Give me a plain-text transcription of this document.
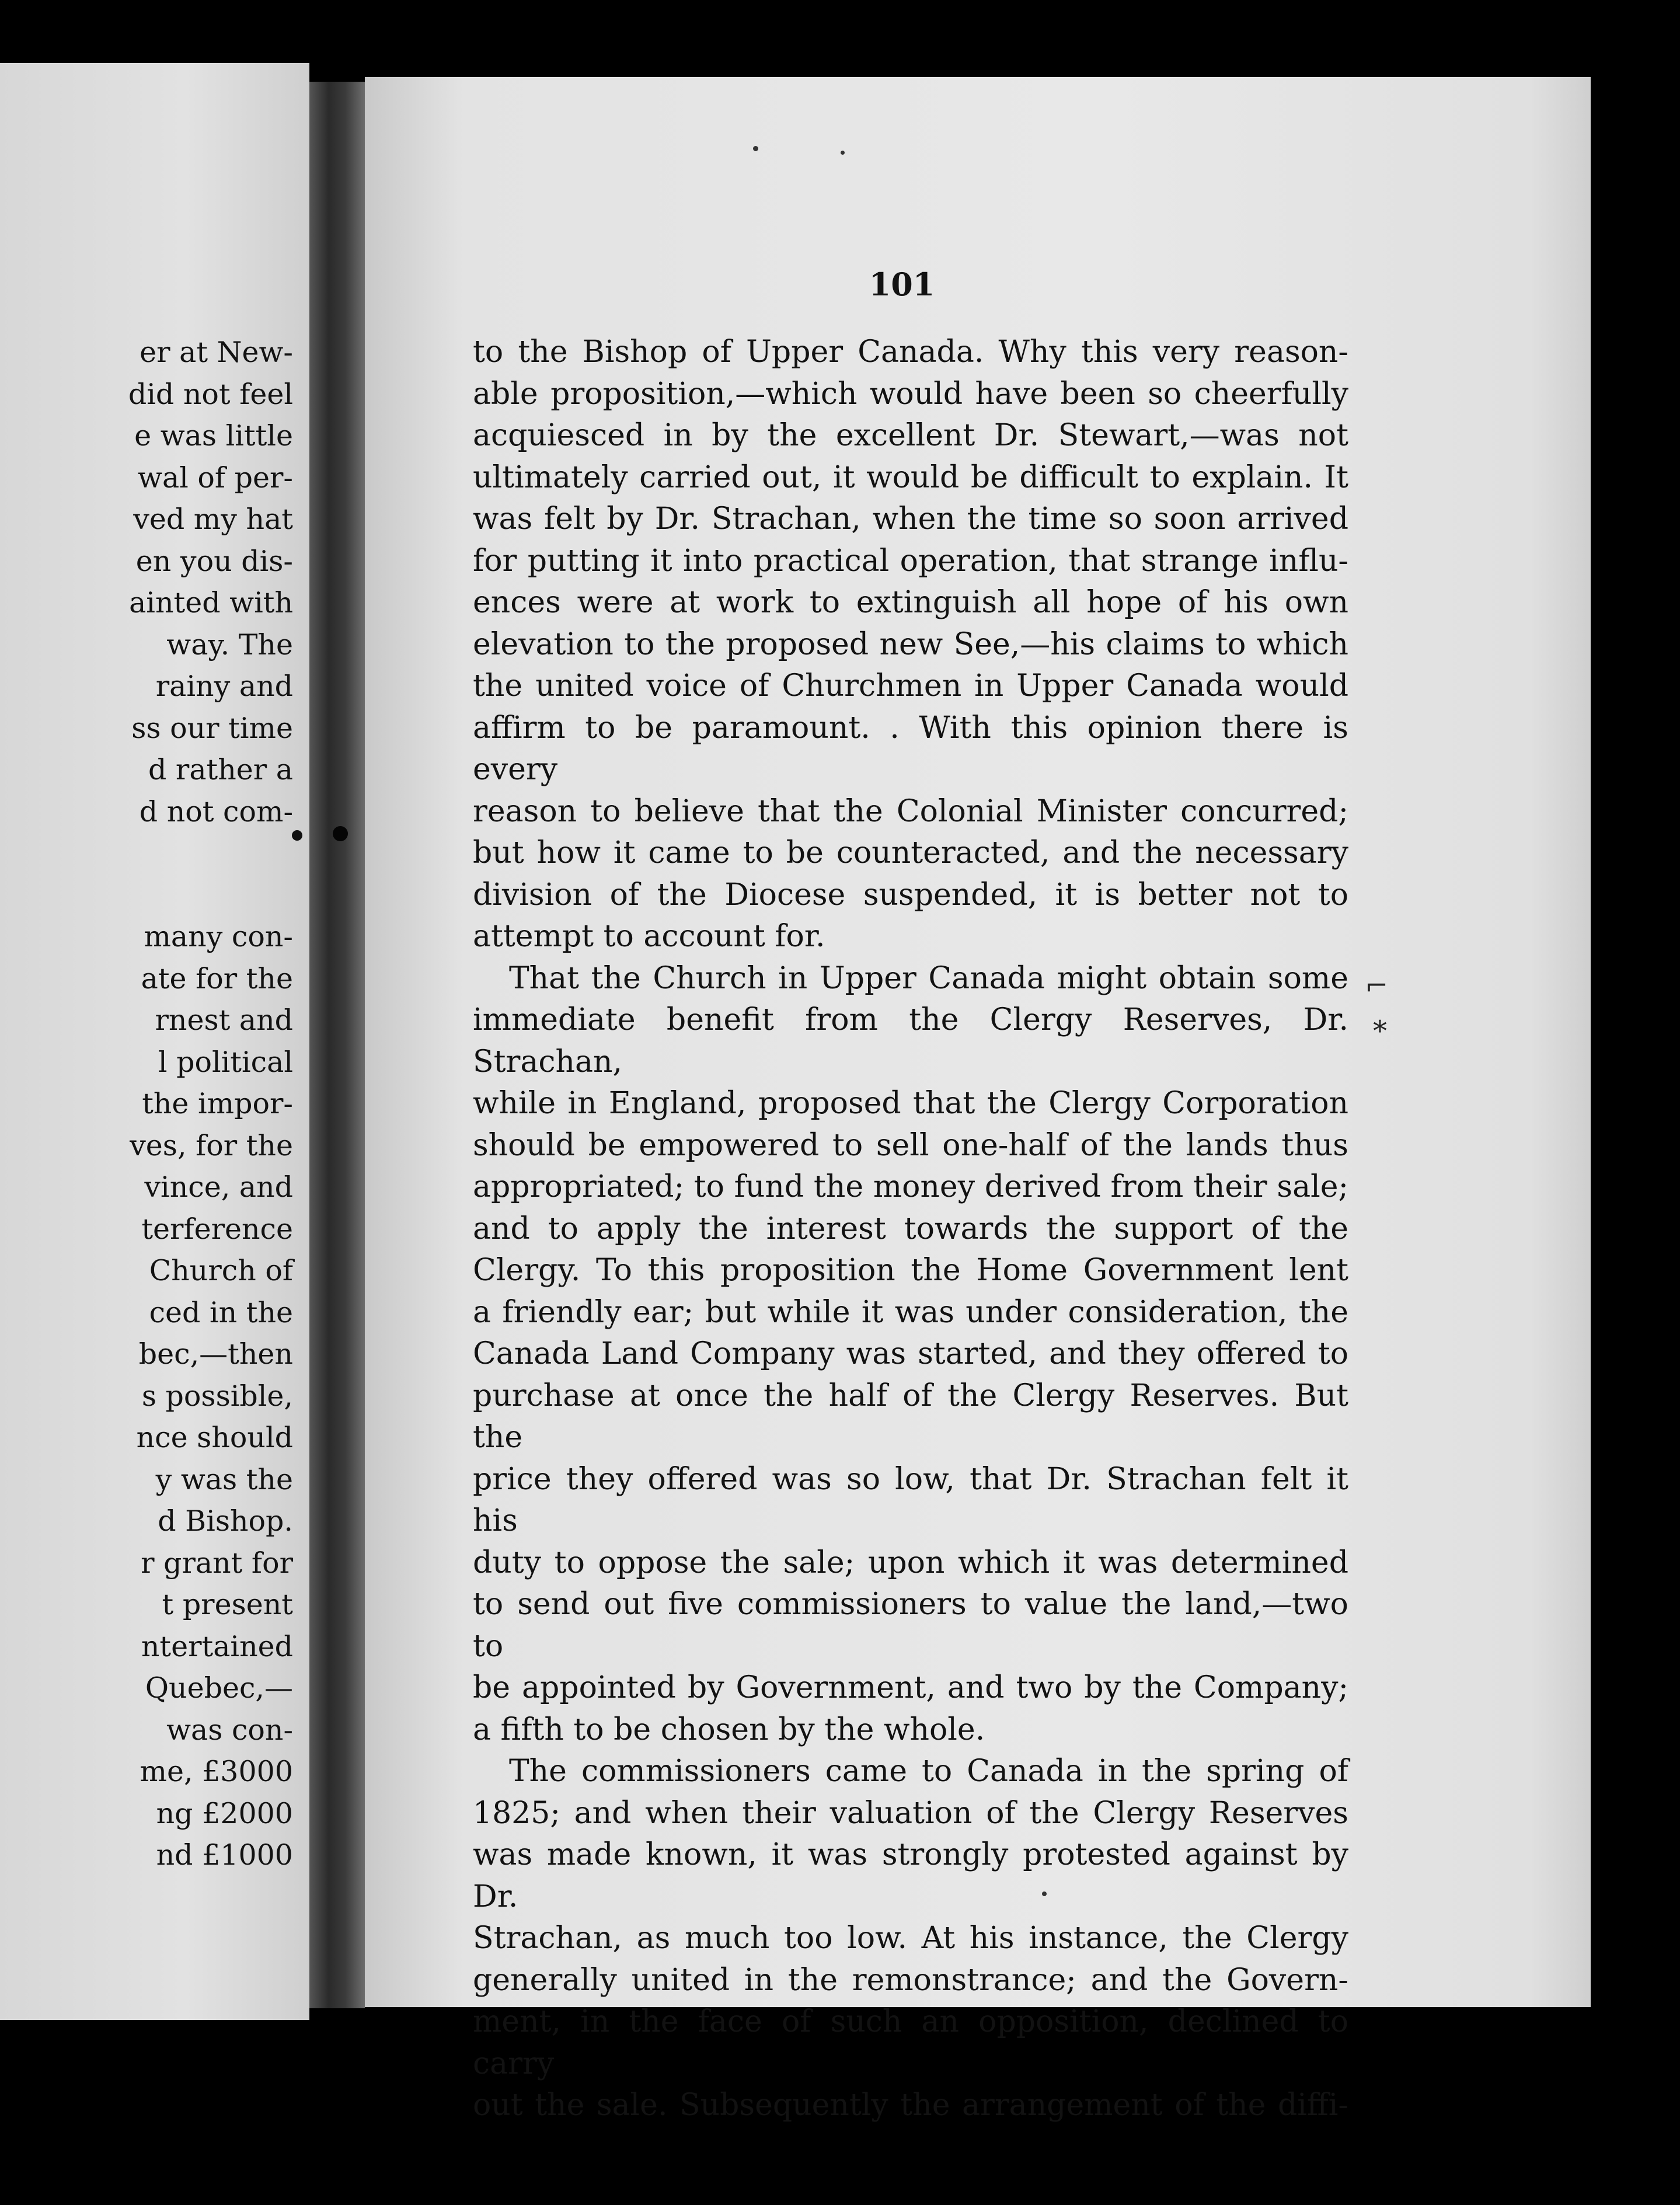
er at New-
did not feel
e was little
wal of per-
ved my hat
en you dis-
ainted with
way. The
rainy and
ss our time
d rather a
d not com-
many con-
ate for the
rnest and
l political
the impor-
ves, for the
vince, and
terference
Church of
ced in the
bec,—then
s possible,
nce should
y was the
d Bishop.
r grant for
t present
ntertained
Quebec,—
was con-
me, £3000
ng £2000
nd £1000
101

to the Bishop of Upper Canada. Why this very reason-
able proposition,—which would have been so cheerfully
acquiesced in by the excellent Dr. Stewart,—was not
ultimately carried out, it would be difficult to explain. It
was felt by Dr. Strachan, when the time so soon arrived
for putting it into practical operation, that strange influ-
ences were at work to extinguish all hope of his own
elevation to the proposed new See,—his claims to which
the united voice of Churchmen in Upper Canada would
affirm to be paramount. . With this opinion there is every
reason to believe that the Colonial Minister concurred;
but how it came to be counteracted, and the necessary
division of the Diocese suspended, it is better not to
attempt to account for.

That the Church in Upper Canada might obtain some
immediate benefit from the Clergy Reserves, Dr. Strachan,
while in England, proposed that the Clergy Corporation
should be empowered to sell one-half of the lands thus
appropriated; to fund the money derived from their sale;
and to apply the interest towards the support of the
Clergy. To this proposition the Home Government lent
a friendly ear; but while it was under consideration, the
Canada Land Company was started, and they offered to
purchase at once the half of the Clergy Reserves. But the
price they offered was so low, that Dr. Strachan felt it his
duty to oppose the sale; upon which it was determined
to send out five commissioners to value the land,—two to
be appointed by Government, and two by the Company;
a fifth to be chosen by the whole.

The commissioners came to Canada in the spring of
1825; and when their valuation of the Clergy Reserves
was made known, it was strongly protested against by Dr.
Strachan, as much too low. At his instance, the Clergy
generally united in the remonstrance; and the Govern-
ment, in the face of such an opposition, declined to carry
out the sale. Subsequently the arrangement of the diffi-

⌐
*
